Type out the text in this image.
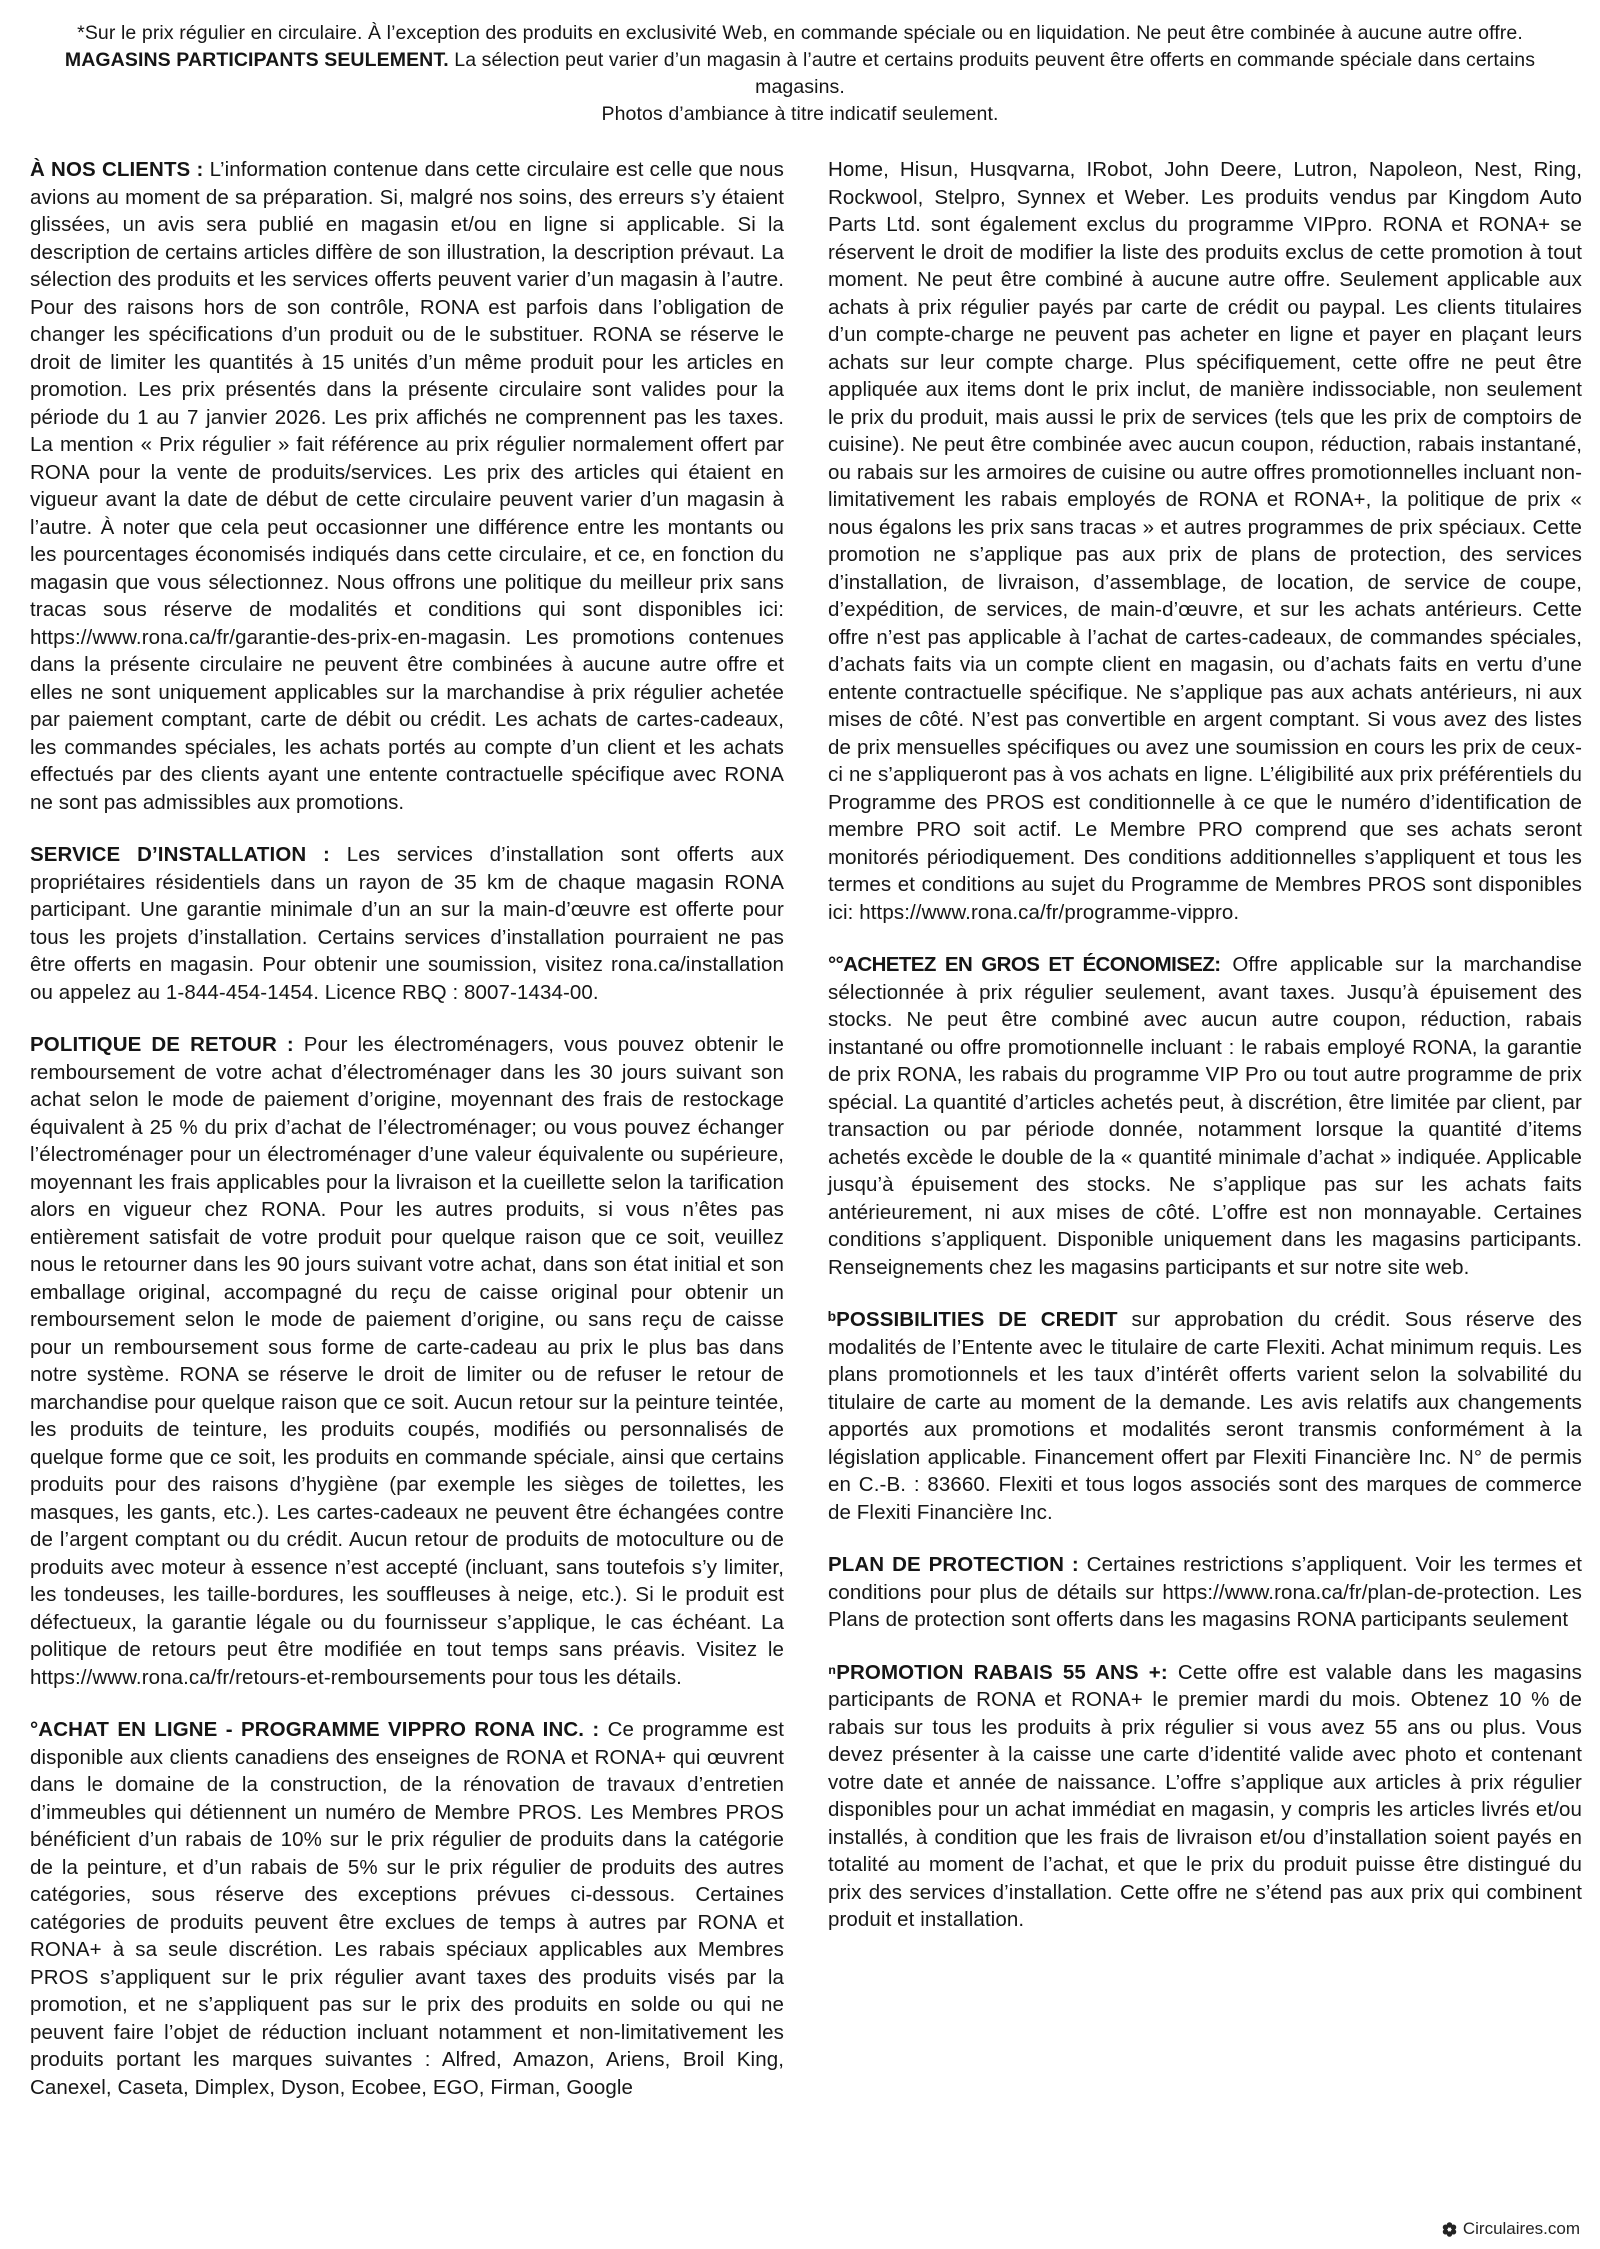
*Sur le prix régulier en circulaire. À l’exception des produits en exclusivité Web, en commande spéciale ou en liquidation. Ne peut être combinée à aucune autre offre.
MAGASINS PARTICIPANTS SEULEMENT. La sélection peut varier d’un magasin à l’autre et certains produits peuvent être offerts en commande spéciale dans certains magasins.
Photos d’ambiance à titre indicatif seulement.

À NOS CLIENTS : L’information contenue dans cette circulaire est celle que nous avions au moment de sa préparation. Si, malgré nos soins, des erreurs s’y étaient glissées, un avis sera publié en magasin et/ou en ligne si applicable. Si la description de certains articles diffère de son illustration, la description prévaut. La sélection des produits et les services offerts peuvent varier d’un magasin à l’autre. Pour des raisons hors de son contrôle, RONA est parfois dans l’obligation de changer les spécifications d’un produit ou de le substituer. RONA se réserve le droit de limiter les quantités à 15 unités d’un même produit pour les articles en promotion. Les prix présentés dans la présente circulaire sont valides pour la période du 1 au 7 janvier 2026. Les prix affichés ne comprennent pas les taxes. La mention « Prix régulier » fait référence au prix régulier normalement offert par RONA pour la vente de produits/services. Les prix des articles qui étaient en vigueur avant la date de début de cette circulaire peuvent varier d’un magasin à l’autre. À noter que cela peut occasionner une différence entre les montants ou les pourcentages économisés indiqués dans cette circulaire, et ce, en fonction du magasin que vous sélectionnez. Nous offrons une politique du meilleur prix sans tracas sous réserve de modalités et conditions qui sont disponibles ici: https://www.rona.ca/fr/garantie-des-prix-en-magasin. Les promotions contenues dans la présente circulaire ne peuvent être combinées à aucune autre offre et elles ne sont uniquement applicables sur la marchandise à prix régulier achetée par paiement comptant, carte de débit ou crédit. Les achats de cartes-cadeaux, les commandes spéciales, les achats portés au compte d’un client et les achats effectués par des clients ayant une entente contractuelle spécifique avec RONA ne sont pas admissibles aux promotions.

SERVICE D’INSTALLATION : Les services d’installation sont offerts aux propriétaires résidentiels dans un rayon de 35 km de chaque magasin RONA participant. Une garantie minimale d’un an sur la main-d’œuvre est offerte pour tous les projets d’installation. Certains services d’installation pourraient ne pas être offerts en magasin. Pour obtenir une soumission, visitez rona.ca/installation ou appelez au 1-844-454-1454. Licence RBQ : 8007-1434-00.

POLITIQUE DE RETOUR : Pour les électroménagers, vous pouvez obtenir le remboursement de votre achat d’électroménager dans les 30 jours suivant son achat selon le mode de paiement d’origine, moyennant des frais de restockage équivalent à 25 % du prix d’achat de l’électroménager; ou vous pouvez échanger l’électroménager pour un électroménager d’une valeur équivalente ou supérieure, moyennant les frais applicables pour la livraison et la cueillette selon la tarification alors en vigueur chez RONA. Pour les autres produits, si vous n’êtes pas entièrement satisfait de votre produit pour quelque raison que ce soit, veuillez nous le retourner dans les 90 jours suivant votre achat, dans son état initial et son emballage original, accompagné du reçu de caisse original pour obtenir un remboursement selon le mode de paiement d’origine, ou sans reçu de caisse pour un remboursement sous forme de carte-cadeau au prix le plus bas dans notre système. RONA se réserve le droit de limiter ou de refuser le retour de marchandise pour quelque raison que ce soit. Aucun retour sur la peinture teintée, les produits de teinture, les produits coupés, modifiés ou personnalisés de quelque forme que ce soit, les produits en commande spéciale, ainsi que certains produits pour des raisons d’hygiène (par exemple les sièges de toilettes, les masques, les gants, etc.). Les cartes-cadeaux ne peuvent être échangées contre de l’argent comptant ou du crédit. Aucun retour de produits de motoculture ou de produits avec moteur à essence n’est accepté (incluant, sans toutefois s’y limiter, les tondeuses, les taille-bordures, les souffleuses à neige, etc.). Si le produit est défectueux, la garantie légale ou du fournisseur s’applique, le cas échéant. La politique de retours peut être modifiée en tout temps sans préavis. Visitez le https://www.rona.ca/fr/retours-et-remboursements pour tous les détails.

°ACHAT EN LIGNE - PROGRAMME VIPPRO RONA INC. : Ce programme est disponible aux clients canadiens des enseignes de RONA et RONA+ qui œuvrent dans le domaine de la construction, de la rénovation de travaux d’entretien d’immeubles qui détiennent un numéro de Membre PROS. Les Membres PROS bénéficient d’un rabais de 10% sur le prix régulier de produits dans la catégorie de la peinture, et d’un rabais de 5% sur le prix régulier de produits des autres catégories, sous réserve des exceptions prévues ci-dessous. Certaines catégories de produits peuvent être exclues de temps à autres par RONA et RONA+ à sa seule discrétion. Les rabais spéciaux applicables aux Membres PROS s’appliquent sur le prix régulier avant taxes des produits visés par la promotion, et ne s’appliquent pas sur le prix des produits en solde ou qui ne peuvent faire l’objet de réduction incluant notamment et non-limitativement les produits portant les marques suivantes : Alfred, Amazon, Ariens, Broil King, Canexel, Caseta, Dimplex, Dyson, Ecobee, EGO, Firman, Google

Home, Hisun, Husqvarna, IRobot, John Deere, Lutron, Napoleon, Nest, Ring, Rockwool, Stelpro, Synnex et Weber. Les produits vendus par Kingdom Auto Parts Ltd. sont également exclus du programme VIPpro. RONA et RONA+ se réservent le droit de modifier la liste des produits exclus de cette promotion à tout moment. Ne peut être combiné à aucune autre offre. Seulement applicable aux achats à prix régulier payés par carte de crédit ou paypal. Les clients titulaires d’un compte-charge ne peuvent pas acheter en ligne et payer en plaçant leurs achats sur leur compte charge. Plus spécifiquement, cette offre ne peut être appliquée aux items dont le prix inclut, de manière indissociable, non seulement le prix du produit, mais aussi le prix de services (tels que les prix de comptoirs de cuisine). Ne peut être combinée avec aucun coupon, réduction, rabais instantané, ou rabais sur les armoires de cuisine ou autre offres promotionnelles incluant non-limitativement les rabais employés de RONA et RONA+, la politique de prix « nous égalons les prix sans tracas » et autres programmes de prix spéciaux. Cette promotion ne s’applique pas aux prix de plans de protection, des services d’installation, de livraison, d’assemblage, de location, de service de coupe, d’expédition, de services, de main-d’œuvre, et sur les achats antérieurs. Cette offre n’est pas applicable à l’achat de cartes-cadeaux, de commandes spéciales, d’achats faits via un compte client en magasin, ou d’achats faits en vertu d’une entente contractuelle spécifique. Ne s’applique pas aux achats antérieurs, ni aux mises de côté. N’est pas convertible en argent comptant. Si vous avez des listes de prix mensuelles spécifiques ou avez une soumission en cours les prix de ceux-ci ne s’appliqueront pas à vos achats en ligne. L’éligibilité aux prix préférentiels du Programme des PROS est conditionnelle à ce que le numéro d’identification de membre PRO soit actif. Le Membre PRO comprend que ses achats seront monitorés périodiquement. Des conditions additionnelles s’appliquent et tous les termes et conditions au sujet du Programme de Membres PROS sont disponibles ici: https://www.rona.ca/fr/programme-vippro.

°°ACHETEZ EN GROS ET ÉCONOMISEZ: Offre applicable sur la marchandise sélectionnée à prix régulier seulement, avant taxes. Jusqu’à épuisement des stocks. Ne peut être combiné avec aucun autre coupon, réduction, rabais instantané ou offre promotionnelle incluant : le rabais employé RONA, la garantie de prix RONA, les rabais du programme VIP Pro ou tout autre programme de prix spécial. La quantité d’articles achetés peut, à discrétion, être limitée par client, par transaction ou par période donnée, notamment lorsque la quantité d’items achetés excède le double de la « quantité minimale d’achat » indiquée. Applicable jusqu’à épuisement des stocks. Ne s’applique pas sur les achats faits antérieurement, ni aux mises de côté. L’offre est non monnayable. Certaines conditions s’appliquent. Disponible uniquement dans les magasins participants. Renseignements chez les magasins participants et sur notre site web.

ᵇPOSSIBILITIES DE CREDIT sur approbation du crédit. Sous réserve des modalités de l’Entente avec le titulaire de carte Flexiti. Achat minimum requis. Les plans promotionnels et les taux d’intérêt offerts varient selon la solvabilité du titulaire de carte au moment de la demande. Les avis relatifs aux changements apportés aux promotions et modalités seront transmis conformément à la législation applicable. Financement offert par Flexiti Financière Inc. N° de permis en C.-B. : 83660. Flexiti et tous logos associés sont des marques de commerce de Flexiti Financière Inc.

PLAN DE PROTECTION : Certaines restrictions s’appliquent. Voir les termes et conditions pour plus de détails sur https://www.rona.ca/fr/plan-de-protection. Les Plans de protection sont offerts dans les magasins RONA participants seulement

ⁿPROMOTION RABAIS 55 ANS +: Cette offre est valable dans les magasins participants de RONA et RONA+ le premier mardi du mois. Obtenez 10 % de rabais sur tous les produits à prix régulier si vous avez 55 ans ou plus. Vous devez présenter à la caisse une carte d’identité valide avec photo et contenant votre date et année de naissance. L’offre s’applique aux articles à prix régulier disponibles pour un achat immédiat en magasin, y compris les articles livrés et/ou installés, à condition que les frais de livraison et/ou d’installation soient payés en totalité au moment de l’achat, et que le prix du produit puisse être distingué du prix des services d’installation. Cette offre ne s’étend pas aux prix qui combinent produit et installation.

Circulaires.com
